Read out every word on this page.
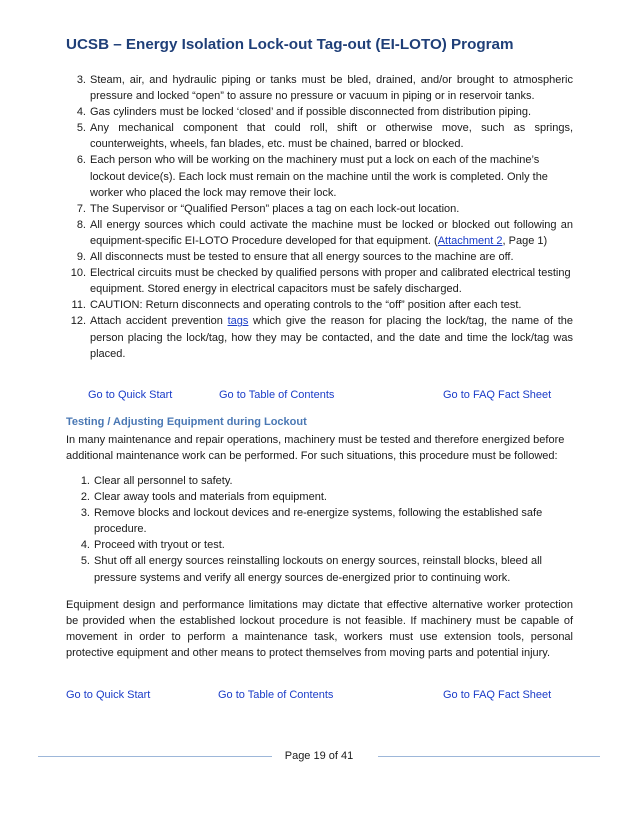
UCSB – Energy Isolation Lock-out Tag-out (EI-LOTO) Program
3. Steam, air, and hydraulic piping or tanks must be bled, drained, and/or brought to atmospheric pressure and locked “open” to assure no pressure or vacuum in piping or in reservoir tanks.
4. Gas cylinders must be locked ‘closed’ and if possible disconnected from distribution piping.
5. Any mechanical component that could roll, shift or otherwise move, such as springs, counterweights, wheels, fan blades, etc. must be chained, barred or blocked.
6. Each person who will be working on the machinery must put a lock on each of the machine’s lockout device(s). Each lock must remain on the machine until the work is completed. Only the worker who placed the lock may remove their lock.
7. The Supervisor or “Qualified Person” places a tag on each lock-out location.
8. All energy sources which could activate the machine must be locked or blocked out following an equipment-specific EI-LOTO Procedure developed for that equipment. (Attachment 2, Page 1)
9. All disconnects must be tested to ensure that all energy sources to the machine are off.
10. Electrical circuits must be checked by qualified persons with proper and calibrated electrical testing equipment. Stored energy in electrical capacitors must be safely discharged.
11. CAUTION: Return disconnects and operating controls to the “off” position after each test.
12. Attach accident prevention tags which give the reason for placing the lock/tag, the name of the person placing the lock/tag, how they may be contacted, and the date and time the lock/tag was placed.
Go to Quick Start	Go to Table of Contents	Go to FAQ Fact Sheet
Testing / Adjusting Equipment during Lockout

In many maintenance and repair operations, machinery must be tested and therefore energized before additional maintenance work can be performed. For such situations, this procedure must be followed:

1. Clear all personnel to safety.
2. Clear away tools and materials from equipment.
3. Remove blocks and lockout devices and re-energize systems, following the established safe procedure.
4. Proceed with tryout or test.
5. Shut off all energy sources reinstalling lockouts on energy sources, reinstall blocks, bleed all pressure systems and verify all energy sources de-energized prior to continuing work.

Equipment design and performance limitations may dictate that effective alternative worker protection be provided when the established lockout procedure is not feasible. If machinery must be capable of movement in order to perform a maintenance task, workers must use extension tools, personal protective equipment and other means to protect themselves from moving parts and potential injury.

Go to Quick Start	Go to Table of Contents	Go to FAQ Fact Sheet
Page 19 of 41
